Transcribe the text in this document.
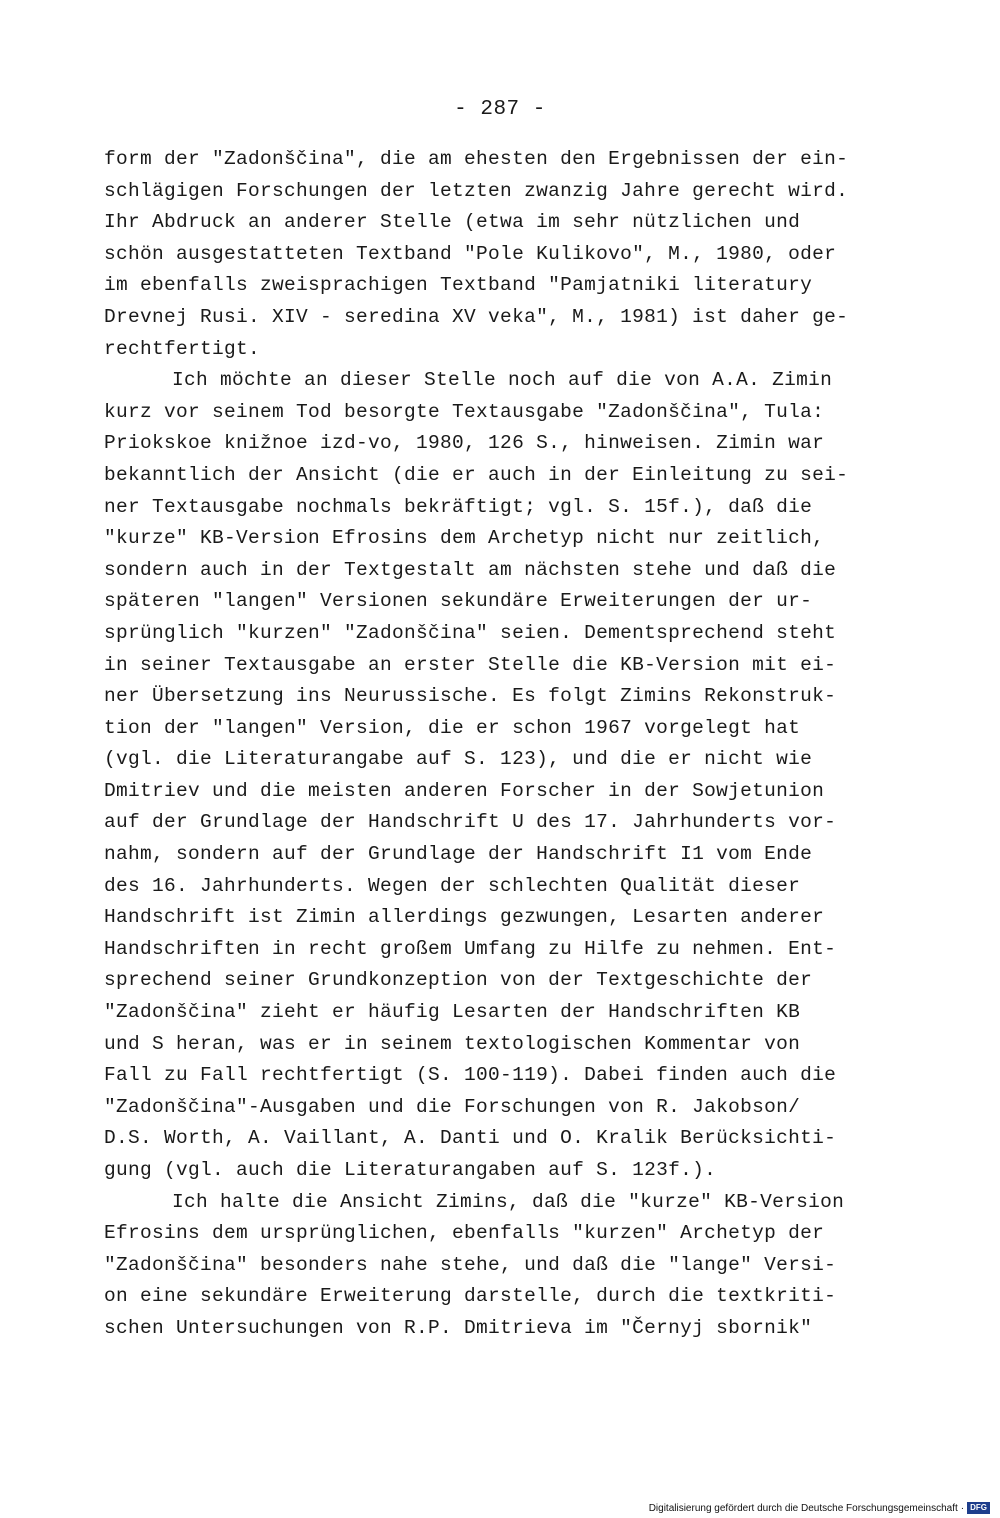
- 287 -
form der "Zadonščina", die am ehesten den Ergebnissen der ein-
schlägigen Forschungen der letzten zwanzig Jahre gerecht wird.
Ihr Abdruck an anderer Stelle (etwa im sehr nützlichen und
schön ausgestatteten Textband "Pole Kulikovo", M., 1980, oder
im ebenfalls zweisprachigen Textband "Pamjatniki literatury
Drevnej Rusi. XIV - seredina XV veka", M., 1981) ist daher ge-
rechtfertigt.
Ich möchte an dieser Stelle noch auf die von A.A. Zimin
kurz vor seinem Tod besorgte Textausgabe "Zadonščina", Tula:
Priokskoe knižnoe izd-vo, 1980, 126 S., hinweisen. Zimin war
bekanntlich der Ansicht (die er auch in der Einleitung zu sei-
ner Textausgabe nochmals bekräftigt; vgl. S. 15f.), daß die
"kurze" KB-Version Efrosins dem Archetyp nicht nur zeitlich,
sondern auch in der Textgestalt am nächsten stehe und daß die
späteren "langen" Versionen sekundäre Erweiterungen der ur-
sprünglich "kurzen" "Zadonščina" seien. Dementsprechend steht
in seiner Textausgabe an erster Stelle die KB-Version mit ei-
ner Übersetzung ins Neurussische. Es folgt Zimins Rekonstruk-
tion der "langen" Version, die er schon 1967 vorgelegt hat
(vgl. die Literaturangabe auf S. 123), und die er nicht wie
Dmitriev und die meisten anderen Forscher in der Sowjetunion
auf der Grundlage der Handschrift U des 17. Jahrhunderts vor-
nahm, sondern auf der Grundlage der Handschrift I1 vom Ende
des 16. Jahrhunderts. Wegen der schlechten Qualität dieser
Handschrift ist Zimin allerdings gezwungen, Lesarten anderer
Handschriften in recht großem Umfang zu Hilfe zu nehmen. Ent-
sprechend seiner Grundkonzeption von der Textgeschichte der
"Zadonščina" zieht er häufig Lesarten der Handschriften KB
und S heran, was er in seinem textologischen Kommentar von
Fall zu Fall rechtfertigt (S. 100-119). Dabei finden auch die
"Zadonščina"-Ausgaben und die Forschungen von R. Jakobson/
D.S. Worth, A. Vaillant, A. Danti und O. Kralik Berücksichti-
gung (vgl. auch die Literaturangaben auf S. 123f.).
Ich halte die Ansicht Zimins, daß die "kurze" KB-Version
Efrosins dem ursprünglichen, ebenfalls "kurzen" Archetyp der
"Zadonščina" besonders nahe stehe, und daß die "lange" Versi-
on eine sekundäre Erweiterung darstelle, durch die textkriti-
schen Untersuchungen von R.P. Dmitrieva im "Černyj sbornik"
Digitalisierung gefördert durch die Deutsche Forschungsgemeinschaft · DFG
